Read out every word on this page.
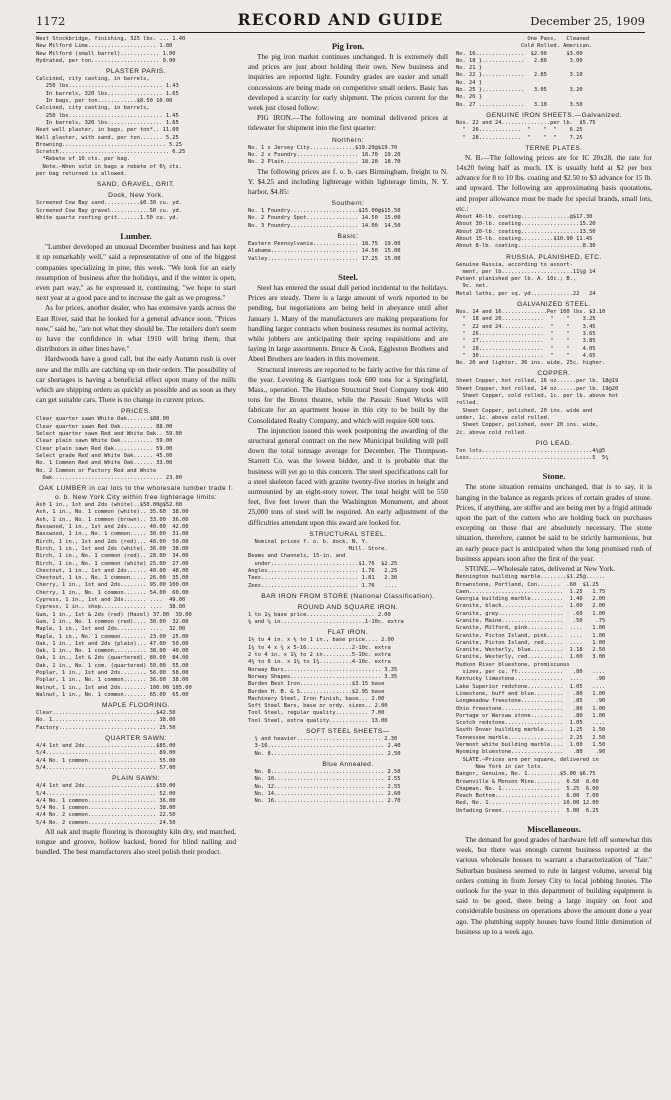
1172	RECORD AND GUIDE	December 25, 1909
West Stockbridge, finishing, 325 lbs. ... 1.40
New Milford Lime..................... 1.80
New Milford (small barrel)............ 1.00
Hydrated, per ton..................... 9.00
PLASTER PARIS.
Calcined, city casting, in barrels,
250 lbs............................. 1.43
In barrels, 320 lbs................. 1.65
In bags, per ton............$8.50 10.00
Calcined, city casting, in barrels,
250 lbs............................. 1.45
In barrels, 320 lbs................. 1.65
Neat wall plaster, in bags, per ton*.. 11.00
Wall plaster, with sand, per ton....... 5.25
Browning................................ 5.25
Scratch.................................. 6.25
*Rebate of 10 cts. per bag.
Note.—When sold in bags a rebate of 6¼ cts.
per bag returned is allowed.
SAND, GRAVEL, GRIT.
Dock, New York.
Screened Cow Bay sand...........$0.30 cu. yd.
Screened Cow Bay gravel............50 cu. yd.
White quartz roofing grit.......1.50 cu. yd.
Lumber.
"Lumber developed an unusual December business and has kept it up remarkably well," said a representative of one of the biggest companies specializing in pine, this week. "We look for an early resumption of business after the holidays, and if the winter is open, even part way," as he expressed it, continuing, "we hope to start next year at a good pace and to increase the gait as we progress."
As for prices, another dealer, who has extensive yards across the East River, said that he looked for a general advance soon. "Prices now," said he, "are not what they should be. The retailers don't seem to have the confidence in what 1910 will bring them, that distributors in other lines have."
Hardwoods have a good call, but the early Autumn rush is over now and the mills are catching up on their orders. The possibility of car shortages is having a beneficial effect upon many of the mills which are shipping orders as quickly as possible and as soon as they can get suitable cars. There is no change in current prices.
PRICES.
Clear quarter sawn White Oak.......$88.00
Clear quarter sawn Red Oak.......... 88.00
Select quarter sawn Red and White Oak.. 59.00
Clear plain sawn White Oak.......... 59.00
Clear plain sawn Red Oak............ 59.00
Select grade Red and White Oak...... 45.00
No. 1 Common Red and White Oak...... 33.00
No. 2 Common or Factory Red and White
Oak.................................. 23.00
OAK LUMBER in car lots to the wholesale lumber trade f. o. b. New York City within free lighterage limits:
Ash 1 in., 1st and 2ds (white)..$50.00@$52.00
Ash, 1 in., No. 1 common (white).. 35.60  38.00
Ash, 1 in., No. 1 common (brown).. 33.00  36.00
Basswood, 1 in., 1st and 2ds...... 40.00  42.00
Basswood, 1 in., No. 1 common..... 30.00  31.00
Birch, 1 in., 1st and 2ds (red)... 48.00  50.00
Birch, 1 in., 1st and 2ds (white). 36.00  38.00
Birch, 1 in., No. 1 common (red).. 28.00  34.00
Birch, 1 in., No. 1 common (white) 25.00  27.00
Chestnut, 1 in., 1st and 2ds...... 40.00  48.00
Chestnut, 1 in., No. 1 common..... 26.00  35.00
Cherry, 1 in., 1st and 2ds........ 95.00 100.00
Cherry, 1 in., No. 1 common....... 54.00  60.00
Cypress, 1 in., 1st and 2ds....... ....  49.00
Cypress, 1 in., shop.............. ....  38.00
Gum, 1 in., 1st & 2ds (red) (Hazel) 37.00  39.00
Gum, 1 in., No. 1 common (red).... 30.00  32.00
Maple, 1 in., 1st and 2ds......... ....  32.00
Maple, 1 in., No. 1 common........ 23.00  25.00
Oak, 1 in., 1st and 2ds (plain)... 47.00  50.00
Oak, 1 in., No. 1 common.......... 38.00  40.00
Oak, 1 in., 1st & 2ds (quartered). 80.00  84.00
Oak, 1 in., No. 1 com. (quartered) 50.00  55.00
Poplar, 1 in., 1st and 2ds........ 56.00  58.00
Poplar, 1 in., No. 1 common....... 36.00  38.00
Walnut, 1 in., 1st and 2ds........ 100.00 105.00
Walnut, 1 in., No. 1 common....... 65.00  65.00
MAPLE FLOORING.
Clear................................$42.50
No. 1................................ 38.00
Factory.............................. 25.50
QUARTER SAWN:
4/4 1st and 2ds......................$85.00
5/4.................................. 89.00
4/4 No. 1 common..................... 55.00
5/4.................................. 57.00
PLAIN SAWN:
4/4 1st and 2ds......................$50.00
5/4.................................. 52.00
4/4 No. 1 common..................... 36.00
5/4 No. 1 common..................... 38.00
4/4 No. 2 common..................... 22.50
5/4 No. 2 common..................... 24.50
All oak and maple flooring is thoroughly kiln dry, end matched, tongue and groove, hollow backed, bored for blind nailing and bundled. The best manufacturers also steel polish their product.
Pig Iron.
The pig iron market continues unchanged. It is extremely dull and prices are just about holding their own. New business and inquiries are reported light. Foundry grades are easier and small concessions are being made on competitive small orders. Basic has developed a scarcity for early shipment. The prices current for the week just closed follow:
PIG IRON.—The following are nominal delivered prices at tidewater for shipment into the first quarter:
Northern:
No. 1 x Jersey City..............$19.20@$19.70
No. 2 x Foundry................... 18.70  19.20
No. 2 Plain....................... 18.20  18.70
The following prices are f. o. b. cars Birmingham, freight to N. Y. $4.25 and including lighterage within lighterage limits, N. Y. harbor, $4.85:
Southern:
No. 1 Foundry.....................$15.00@$15.50
No. 2 Foundry Spot................ 14.50  15.00
No. 3 Foundry..................... 14.00  14.50
Basic:
Eastern Pennsylvania.............. 18.75  19.00
Alabama........................... 14.50  15.00
Valley............................ 17.25  15.00
Steel.
Steel has entered the usual dull period incidental to the holidays. Prices are steady. There is a large amount of work reported to be pending, but negotiations are being held in abeyance until after January 1. Many of the manufacturers are making preparations for handling larger contracts when business resumes its normal activity, while jobbers are anticipating their spring requisitions and are laying in large assortments. Bruce & Cook, Eggleston Brothers and Abeel Brothers are leaders in this movement.
Structural interests are reported to be fairly active for this time of the year. Levering & Garrigues took 600 tons for a Springfield, Mass., operation. The Hudson Structural Steel Company took 400 tons for the Bronx theatre, while the Passaic Steel Works will fabricate for an apartment house in this city to be built by the Consolidated Realty Company, and which will require 600 tons.
The injunction issued this week postponing the awarding of the structural general contract on the new Municipal building will pull down the total tonnage average for December. The Thompson-Starrett Co. was the lowest bidder, and it is probable that the business will yet go to this concern. The steel specifications call for a steel skeleton faced with granite twenty-five stories in height and surmounted by an eight-story tower. The total height will be 550 feet, five feet lower than the Washington Monument, and about 25,000 tons of steel will be required. An early adjustment of the difficulties attendant upon this award are looked for.
STRUCTURAL STEEL.
Nominal prices f. o. b. dock, N. Y.
Mill. Store.
Beams and Channels, 15-in. and
under...........................$1.76  $2.25
Angles............................ 1.76   2.25
Tees.............................. 1.81   2.30
Zees.............................. 1.76   ....
BAR IRON FROM STORE (National Classification).
ROUND AND SQUARE IRON.
1 to 1⅞ base price..................... 2.00
⅜ and ⅝ in..........................1-10c. extra
FLAT IRON.
1½ to 4 in. x ⅜ to 1 in., base price.... 2.00
1¼ to 4 x ¼ x 5-16..............2-10c. extra
2 to 4 in. x 1⅜ to 2 in.........5-10c. extra
4¼ to 6 in. x 1¼ to 1¾..........4-10c. extra
Norway Bars.............................. 3.35
Norway Shapes............................ 3.35
Burden Best Iron................$3.15 base
Burden H. B. & S................$2.95 base
Machinery Steel, Iron Finish, base... 2.00
Soft Steel Bars, base or ordy. sizes.. 2.00
Tool Steel, regular quality.......... 7.00
Tool Steel, extra quality............ 13.00
SOFT STEEL SHEETS—
¾ and heavier.......................... 2.30
3-16.................................... 2.40
No. 8................................... 2.50
Blue Annealed.
No. 8................................... 2.50
No. 10.................................. 2.55
No. 12.................................. 2.55
No. 14.................................. 2.60
No. 16.................................. 2.70
One Pass,   Cleaned
Cold Rolled. American.
No. 16...............  $2.90      $3.00
No. 18 }.............   2.80       3.00
No. 21 }
No. 22 }.............   2.85       3.10
No. 24 }
No. 25 }.............   3.05       3.20
No. 26 }
No. 27 ..............   3.10       3.50
GENUINE IRON SHEETS.—Galvanized.
Nos. 22 and 24...............per lb.  $5.75
"  26.............  "    "  "    6.25
"  28.............  "    "  "    7.25
TERNE PLATES.
N. B.—The following prices are for IC 20x28, the rate for 14x20 being half as much. IX is usually held at $2 per box advance for 8 to 10 lbs. coating and $2.50 to $3 advance for 15 lb. and upward. The following are approximating basis quotations, and proper allowance must be made for special brands, small lots, etc.:
About 40-lb. coating...............@$17.30
About 30-lb. coating..................15.20
About 20-lb. coating..................13.50
About 15-lb. coating..........$10.90 11.45
About 8-lb. coating....................8.30
RUSSIA, PLANISHED, ETC.
Genuine Russia, according to assort-
ment, per lb......................11¼@ 14
Patent planished per lb. A. 10c.; B.,
9c. net.
Metal laths, per sq. yd.............22   24
GALVANIZED STEEL.
Nos. 14 and 16..............Per 100 lbs. $3.10
"  18 and 20.............  "    "    3.25
"  22 and 24.............  "    "    3.45
"  26....................  "    "    3.65
"  27....................  "    "    3.85
"  28....................  "    "    4.05
"  30....................  "    "    4.65
No. 20 and lighter, 36 ins. wide, 25c. higher.
COPPER.
Sheet Copper, hot rolled, 16 oz......per lb. 18@19
Sheet Copper, hot rolled, 14 oz......per lb. 19@20
Sheet Copper, cold rolled, 1c. per lb. above hot
rolled.
Sheet Copper, polished, 20 ins. wide and
under, 1c. above cold rolled.
Sheet Copper, polished, over 20 ins. wide,
2c. above cold rolled.
PIG LEAD.
Ton lots..................................4¾@5
Loss......................................5  5¾
Stone.
The stone situation remains unchanged, that is to say, it is hanging in the balance as regards prices of certain grades of stone. Prices, if anything, are stiffer and are being met by a frigid attitude upon the part of the cutters who are holding back on purchases excepting on those that are absolutely necessary. The stone situation, therefore, cannot be said to be strictly harmonious, but an early peace pact is anticipated when the long promised rush of business appears soon after the first of the year.
STONE.—Wholesale rates, delivered at New York.
Bennington building marble........$1.25@......
Brownstone, Portland, Con.......  .60  $1.25
Caen.............................  1.25   1.75
Georgia building marble..........  1.40   2.00
Granite, black...................  1.00   2.00
Granite, grey....................   .60   1.00
Granite, Maine...................   .50    .75
Granite, Milford, pink...........  ....   1.00
Granite, Picton Island, pink.....  ....   1.00
Granite, Picton Island, red......  ....   1.00
Granite, Westerly, blue..........  1.18   2.50
Granite, Westerly, red...........  1.00   3.00
Hudson River bluestone, promiscuous
sizes, per cu. ft..............   .80   ....
Kentucky limestone...............  ....    .90
Lake Superior redstone...........  1.05   ....
Limestone, buff and blue.........   .80   1.00
Longmeadow freestone.............   .85    .90
Ohio freestone...................   .80   1.00
Portage or Warsaw stone..........   .80   1.00
Scotch redstone..................  1.05   ....
South Dover building marble......  1.25   1.50
Tennessee marble.................  2.25   2.50
Vermont white building marble....  1.00   1.50
Wyoming bluestone................   .80    .90
SLATE.—Prices are per square, delivered in
New York in car lots.
Bangor, Genuine, No. 1..........$5.00 $6.75
Brownville & Monson Mine........  6.50  8.00
Chapman, No. 1..................  5.25  6.00
Peach Bottom....................  6.00  7.00
Red, No. 1...................... 10.00 12.00
Unfading Green..................  5.00  6.25
Miscellaneous.
The demand for good grades of hardware fell off somewhat this week, but there was enough current business reported at the various wholesale houses to warrant a characterization of "fair." Suburban business seemed to rule in largest volume, several big orders coming in from Jersey City to local jobbing houses. The outlook for the year in this department of building equipment is said to be good, there being a large inquiry on foot and considerable business on operations above the amount done a year ago. The plumbing supply houses have found little diminution of business up to a week ago.
